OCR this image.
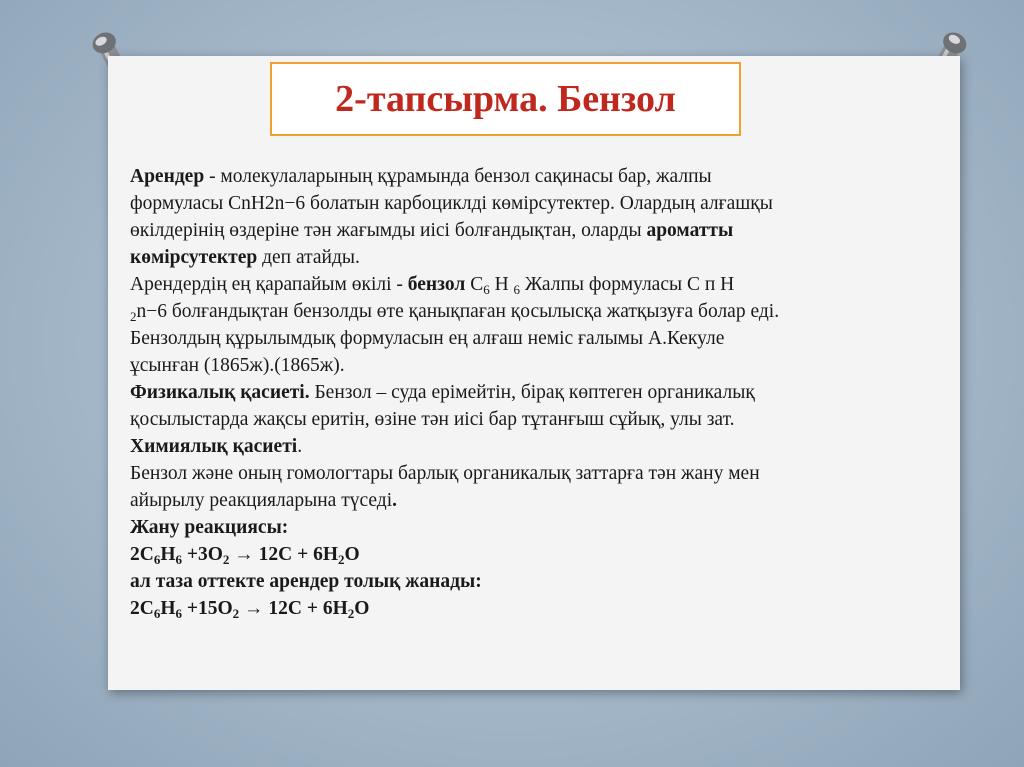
2-тапсырма. Бензол
Арендер - молекулаларының құрамында бензол сақинасы бар, жалпы
формуласы CnH2n−6 болатын карбоциклді көмірсутектер. Олардың алғашқы
өкілдерінің өздеріне тән жағымды иісі болғандықтан, оларды ароматты
көмірсутектер деп атайды.
Арендердің ең қарапайым өкілі - бензол $C_6$ H $_6$ Жалпы формуласы С п Н
$_2$n−6 болғандықтан бензолды өте қанықпаған қосылысқа жатқызуға болар еді.
Бензолдың құрылымдық формуласын ең алғаш неміс ғалымы А.Кекуле
ұсынған (1865ж).(1865ж).
Физикалық қасиеті. Бензол – суда ерімейтін, бірақ көптеген органикалық
қосылыстарда жақсы еритін, өзіне тән иісі бар тұтанғыш сұйық, улы зат.
Химиялық қасиеті.
Бензол және оның гомологтары барлық органикалық заттарға тән жану мен
айырылу реакцияларына түседі.
Жану реакциясы:
$2C_6H_6 +3O_2 \to 12C + 6H_2O$
ал таза оттекте арендер толық жанады:
$2C_6H_6 +15O_2 \to 12C + 6H_2O$
